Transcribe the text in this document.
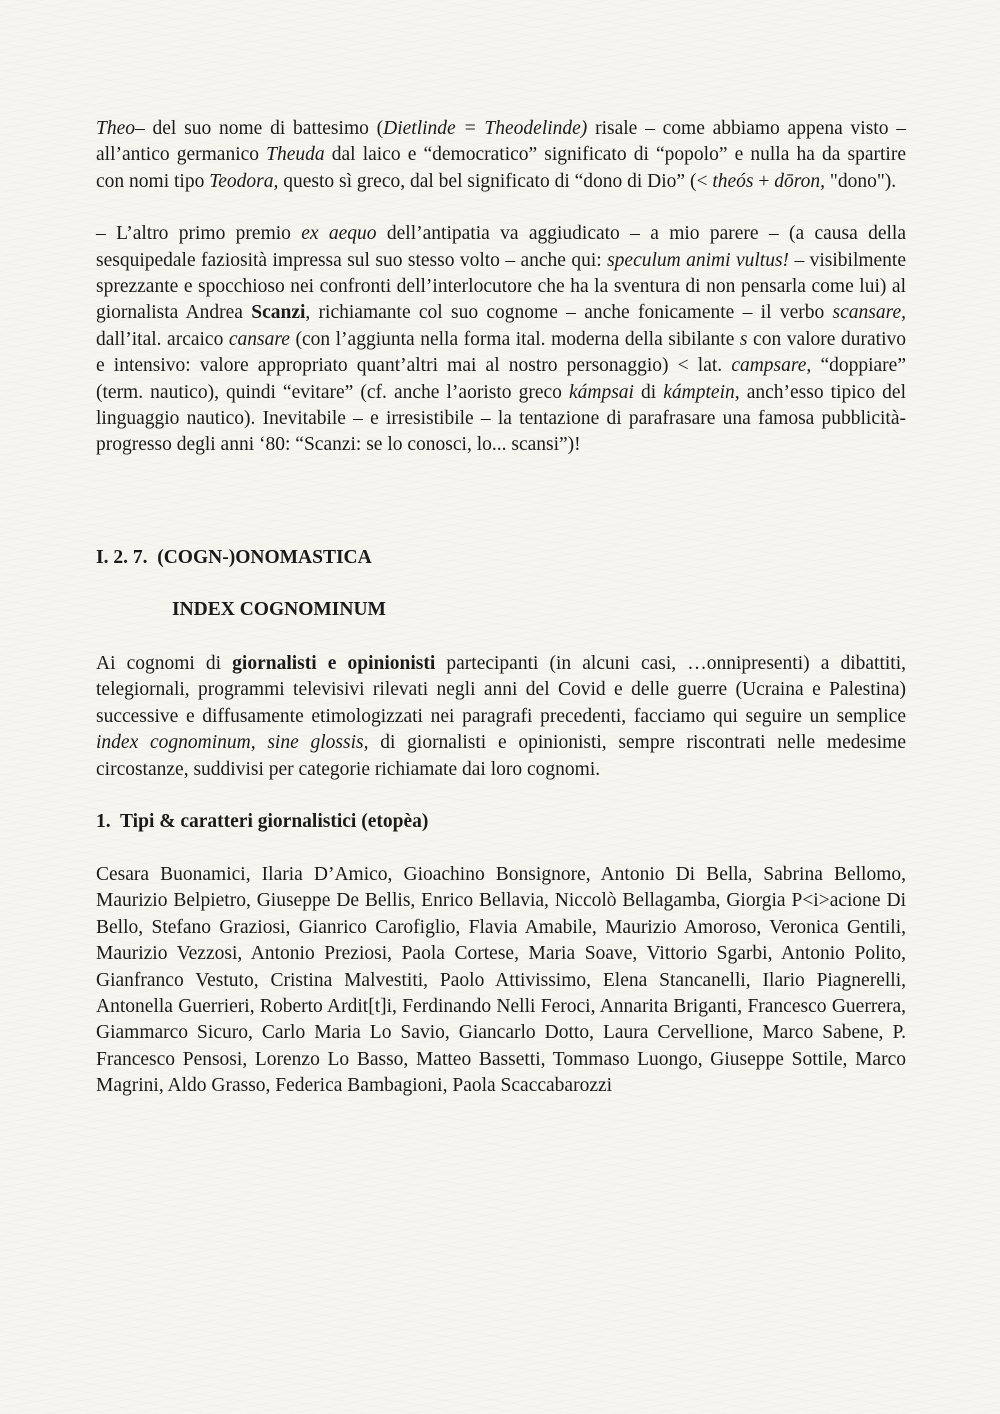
Theo– del suo nome di battesimo (Dietlinde = Theodelinde) risale – come abbiamo appena visto – all’antico germanico Theuda dal laico e “democratico” significato di “popolo” e nulla ha da spartire con nomi tipo Teodora, questo sì greco, dal bel significato di “dono di Dio” (< theós + dōron, "dono").

– L’altro primo premio ex aequo dell’antipatia va aggiudicato – a mio parere – (a causa della sesquipedale faziosità impressa sul suo stesso volto – anche qui: speculum animi vultus! – visibilmente sprezzante e spocchioso nei confronti dell’interlocutore che ha la sventura di non pensarla come lui) al giornalista Andrea Scanzi, richiamante col suo cognome – anche fonicamente – il verbo scansare, dall’ital. arcaico cansare (con l’aggiunta nella forma ital. moderna della sibilante s con valore durativo e intensivo: valore appropriato quant’altri mai al nostro personaggio) < lat. campsare, “doppiare” (term. nautico), quindi “evitare” (cf. anche l’aoristo greco kámpsai di kámptein, anch’esso tipico del linguaggio nautico). Inevitabile – e irresistibile – la tentazione di parafrasare una famosa pubblicità-progresso degli anni ‘80: “Scanzi: se lo conosci, lo... scansi”)!

I. 2. 7.  (COGN-)ONOMASTICA
INDEX COGNOMINUM

Ai cognomi di giornalisti e opinionisti partecipanti (in alcuni casi, …onnipresenti) a dibattiti, telegiornali, programmi televisivi rilevati negli anni del Covid e delle guerre (Ucraina e Palestina) successive e diffusamente etimologizzati nei paragrafi precedenti, facciamo qui seguire un semplice index cognominum, sine glossis, di giornalisti e opinionisti, sempre riscontrati nelle medesime circostanze, suddivisi per categorie richiamate dai loro cognomi.

1.  Tipi & caratteri giornalistici (etopèa)

Cesara Buonamici, Ilaria D’Amico, Gioachino Bonsignore, Antonio Di Bella, Sabrina Bellomo, Maurizio Belpietro, Giuseppe De Bellis, Enrico Bellavia, Niccolò Bellagamba, Giorgia P<i>acione Di Bello, Stefano Graziosi, Gianrico Carofiglio, Flavia Amabile, Maurizio Amoroso, Veronica Gentili, Maurizio Vezzosi, Antonio Preziosi, Paola Cortese, Maria Soave, Vittorio Sgarbi, Antonio Polito, Gianfranco Vestuto, Cristina Malvestiti, Paolo Attivissimo, Elena Stancanelli, Ilario Piagnerelli, Antonella Guerrieri, Roberto Ardit[t]i, Ferdinando Nelli Feroci, Annarita Briganti, Francesco Guerrera, Giammarco Sicuro, Carlo Maria Lo Savio, Giancarlo Dotto, Laura Cervellione, Marco Sabene, P. Francesco Pensosi, Lorenzo Lo Basso, Matteo Bassetti, Tommaso Luongo, Giuseppe Sottile, Marco Magrini, Aldo Grasso, Federica Bambagioni, Paola Scaccabarozzi
